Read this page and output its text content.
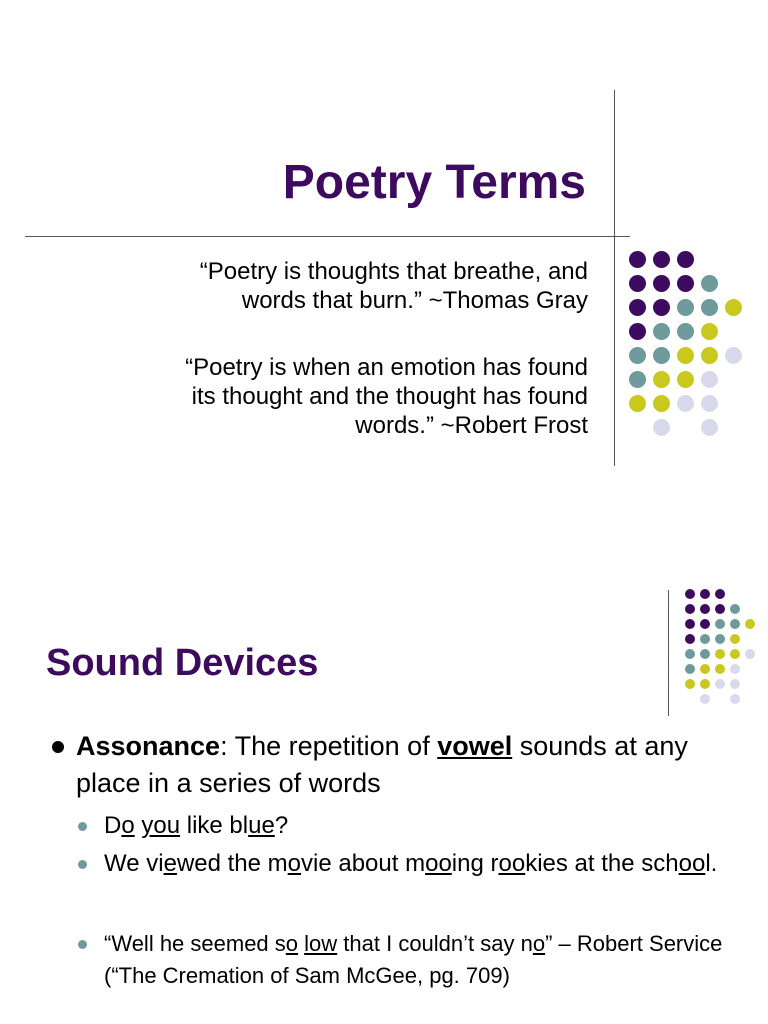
Poetry Terms

“Poetry is thoughts that breathe, and
words that burn.” ~Thomas Gray

“Poetry is when an emotion has found
its thought and the thought has found
words.” ~Robert Frost

Sound Devices
Assonance: The repetition of vowel sounds at any place in a series of words
Do you like blue?
We viewed the movie about mooing rookies at the school.
“Well he seemed so low that I couldn’t say no” – Robert Service (“The Cremation of Sam McGee, pg. 709)
